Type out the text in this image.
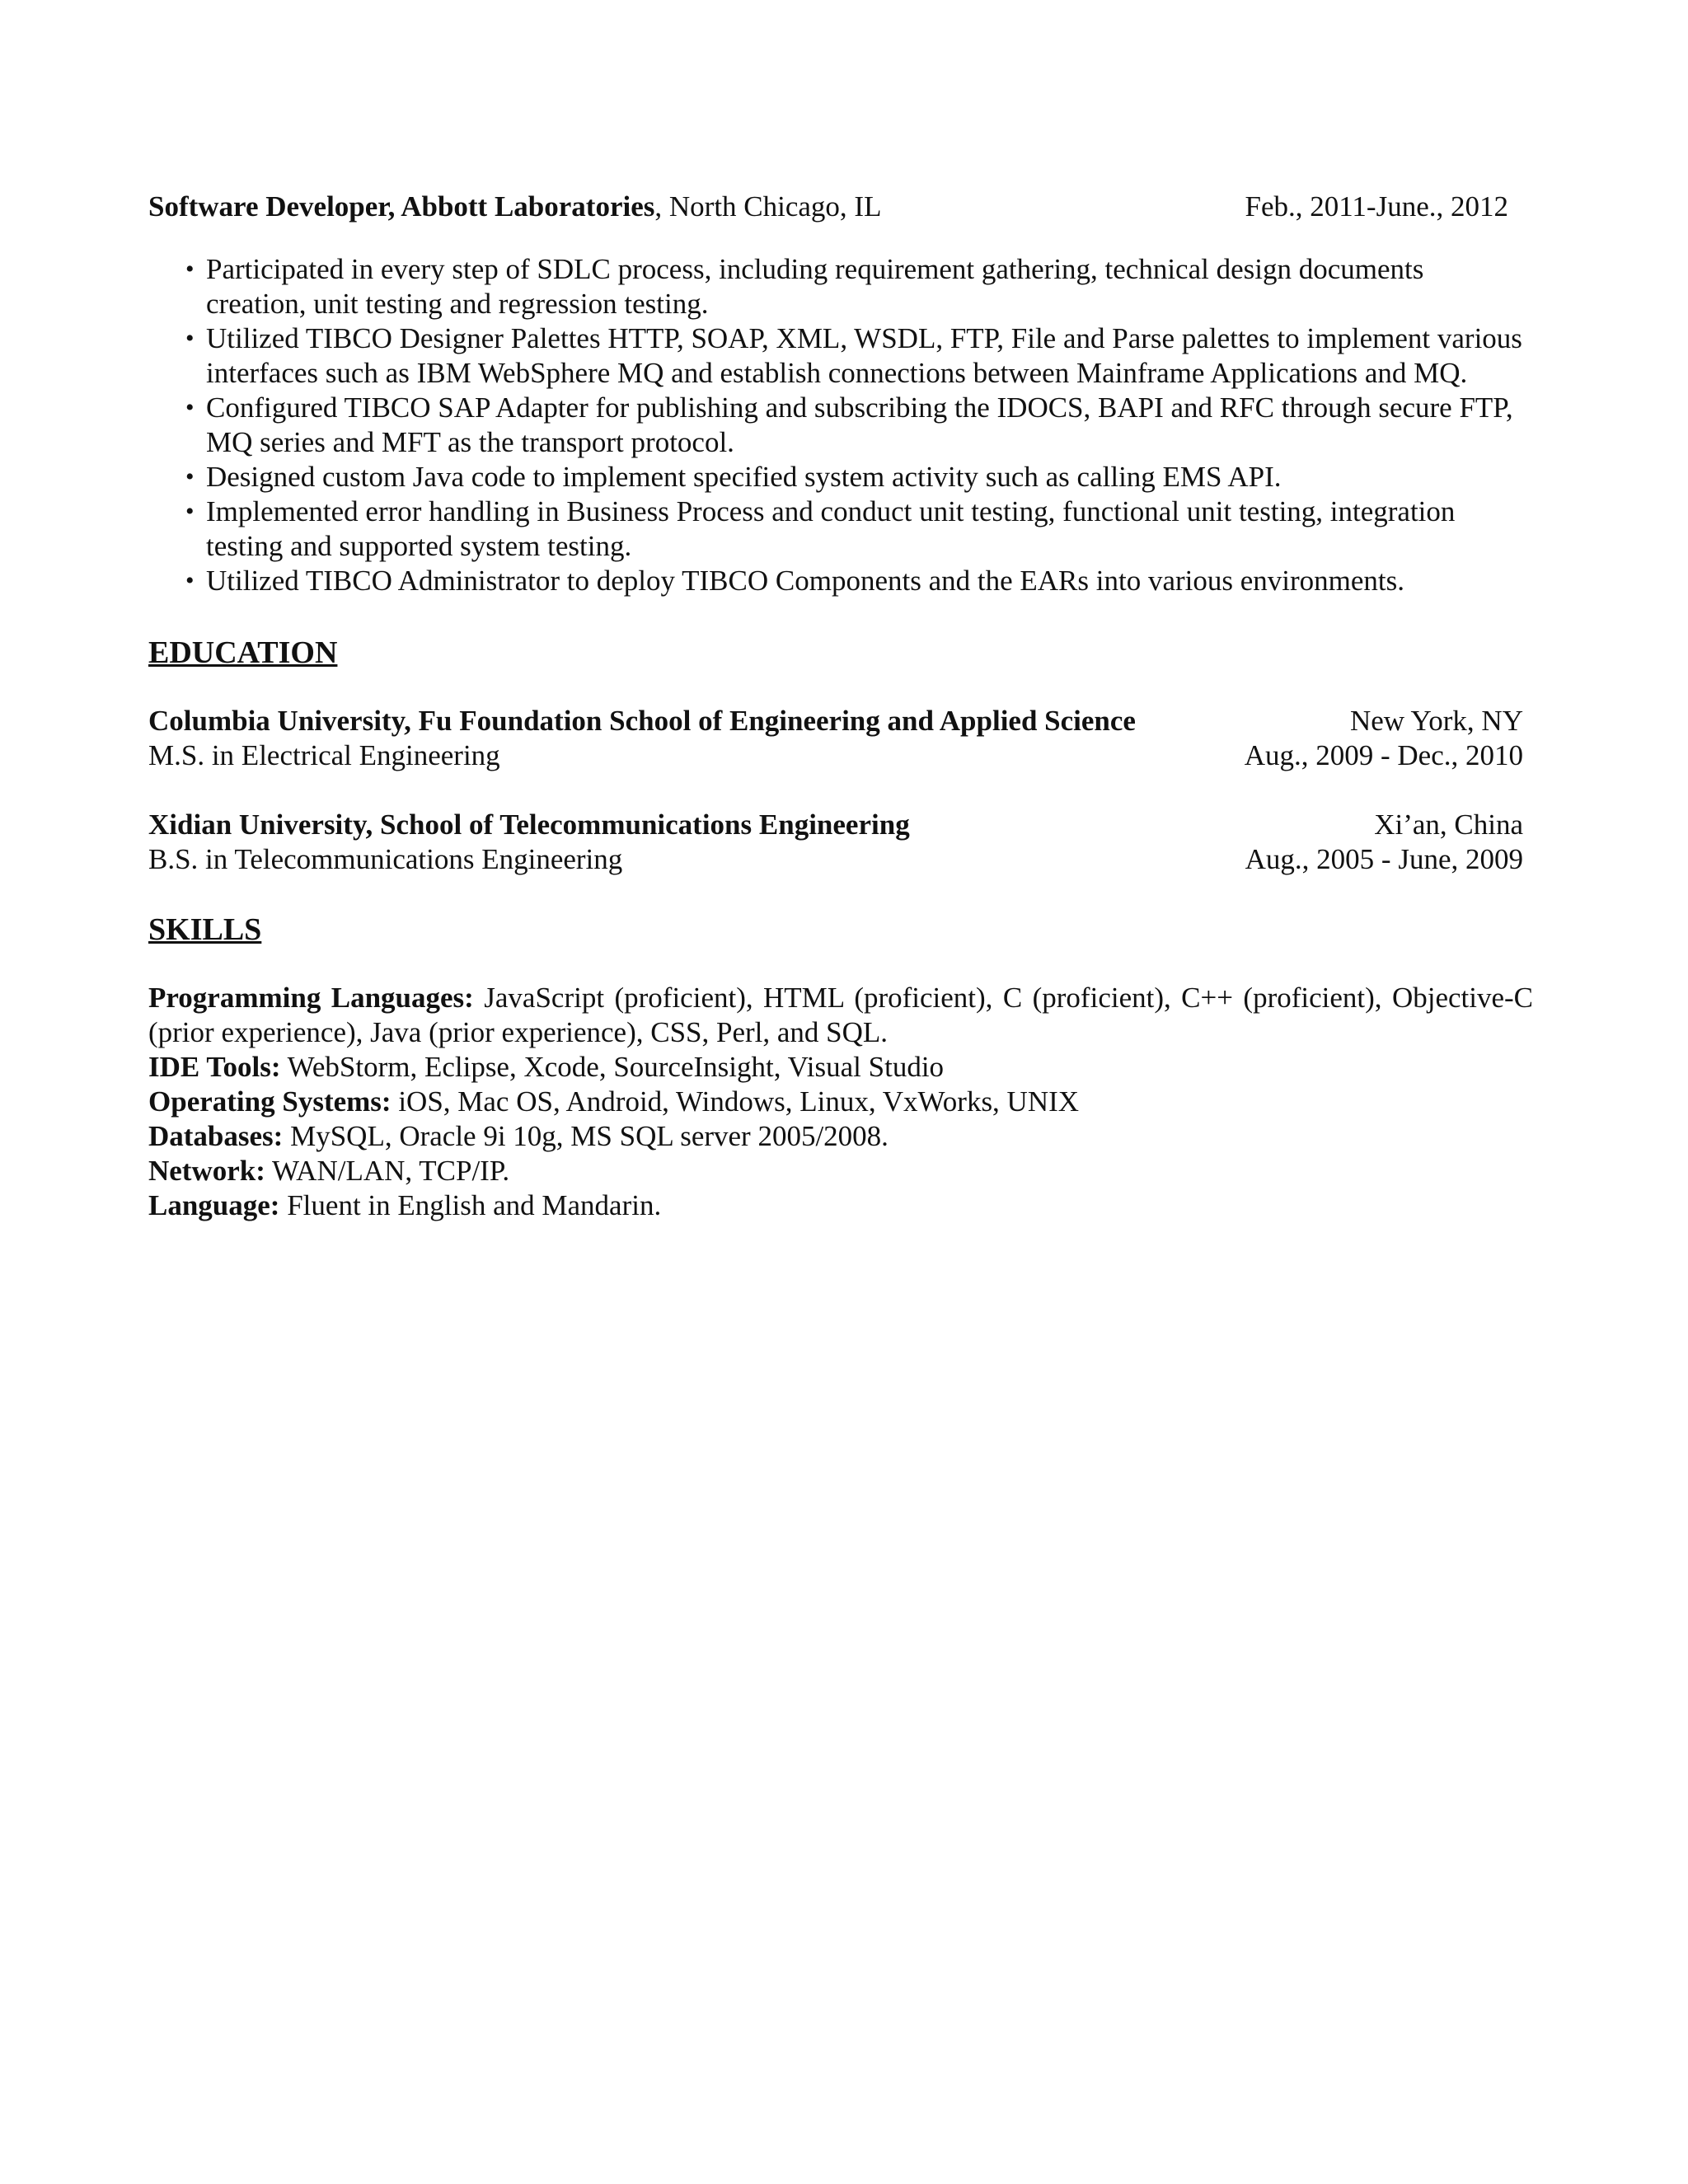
Software Developer, Abbott Laboratories, North Chicago, IL	Feb., 2011-June., 2012
• Participated in every step of SDLC process, including requirement gathering, technical design documents creation, unit testing and regression testing.
• Utilized TIBCO Designer Palettes HTTP, SOAP, XML, WSDL, FTP, File and Parse palettes to implement various interfaces such as IBM WebSphere MQ and establish connections between Mainframe Applications and MQ.
• Configured TIBCO SAP Adapter for publishing and subscribing the IDOCS, BAPI and RFC through secure FTP, MQ series and MFT as the transport protocol.
• Designed custom Java code to implement specified system activity such as calling EMS API.
• Implemented error handling in Business Process and conduct unit testing, functional unit testing, integration testing and supported system testing.
• Utilized TIBCO Administrator to deploy TIBCO Components and the EARs into various environments.
EDUCATION
Columbia University, Fu Foundation School of Engineering and Applied Science	New York, NY
M.S. in Electrical Engineering	Aug., 2009 - Dec., 2010
Xidian University, School of Telecommunications Engineering	Xi’an, China
B.S. in Telecommunications Engineering	Aug., 2005 - June, 2009
SKILLS

Programming Languages: JavaScript (proficient), HTML (proficient), C (proficient), C++ (proficient), Objective-C (prior experience), Java (prior experience), CSS, Perl, and SQL.

IDE Tools: WebStorm, Eclipse, Xcode, SourceInsight, Visual Studio

Operating Systems: iOS, Mac OS, Android, Windows, Linux, VxWorks, UNIX

Databases: MySQL, Oracle 9i 10g, MS SQL server 2005/2008.

Network: WAN/LAN, TCP/IP.

Language: Fluent in English and Mandarin.
